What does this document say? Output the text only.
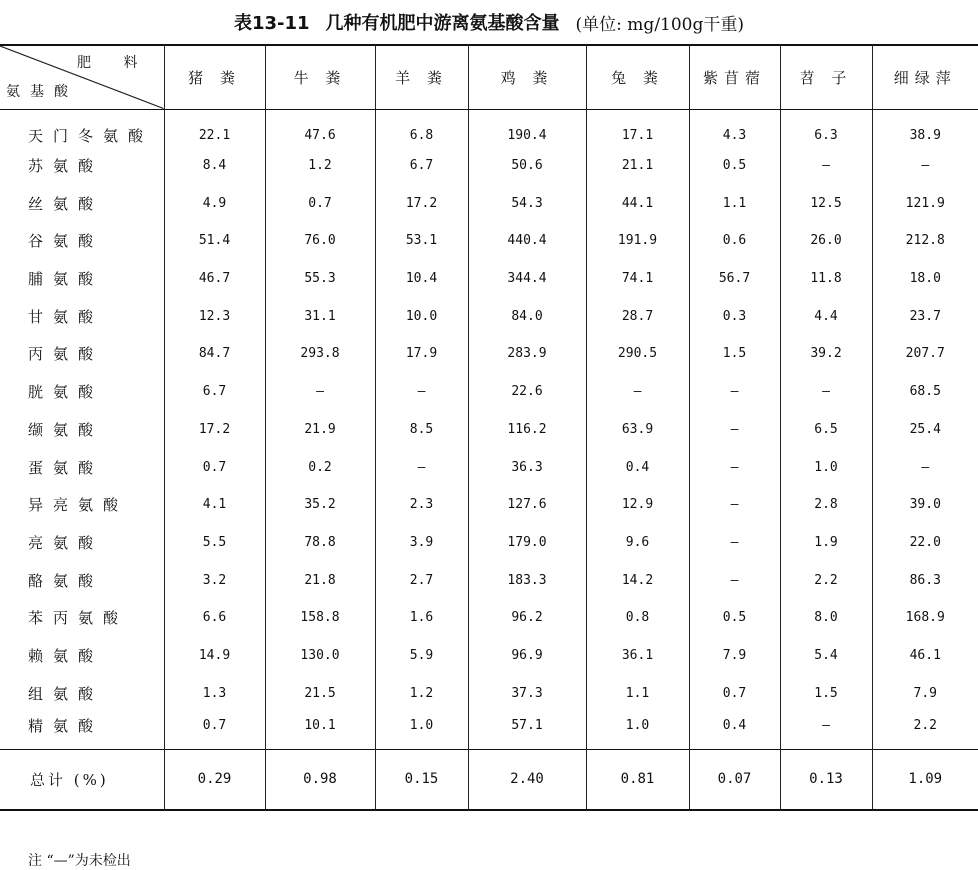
表13-11 几种有机肥中游离氨基酸含量 (单位: mg/100g干重)
肥 料
氨基酸	猪 粪	牛 粪	羊 粪	鸡 粪	兔 粪	紫苜蓿	苕 子	细绿萍
天门冬氨酸	22.1	47.6	6.8	190.4	17.1	4.3	6.3	38.9
苏氨酸	8.4	1.2	6.7	50.6	21.1	0.5	—	—
丝氨酸	4.9	0.7	17.2	54.3	44.1	1.1	12.5	121.9
谷氨酸	51.4	76.0	53.1	440.4	191.9	0.6	26.0	212.8
脯氨酸	46.7	55.3	10.4	344.4	74.1	56.7	11.8	18.0
甘氨酸	12.3	31.1	10.0	84.0	28.7	0.3	4.4	23.7
丙氨酸	84.7	293.8	17.9	283.9	290.5	1.5	39.2	207.7
胱氨酸	6.7	—	—	22.6	—	—	—	68.5
缬氨酸	17.2	21.9	8.5	116.2	63.9	—	6.5	25.4
蛋氨酸	0.7	0.2	—	36.3	0.4	—	1.0	—
异亮氨酸	4.1	35.2	2.3	127.6	12.9	—	2.8	39.0
亮氨酸	5.5	78.8	3.9	179.0	9.6	—	1.9	22.0
酪氨酸	3.2	21.8	2.7	183.3	14.2	—	2.2	86.3
苯丙氨酸	6.6	158.8	1.6	96.2	0.8	0.5	8.0	168.9
赖氨酸	14.9	130.0	5.9	96.9	36.1	7.9	5.4	46.1
组氨酸	1.3	21.5	1.2	37.3	1.1	0.7	1.5	7.9
精氨酸	0.7	10.1	1.0	57.1	1.0	0.4	—	2.2
总计 (%)	0.29	0.98	0.15	2.40	0.81	0.07	0.13	1.09
注 “—”为未检出
